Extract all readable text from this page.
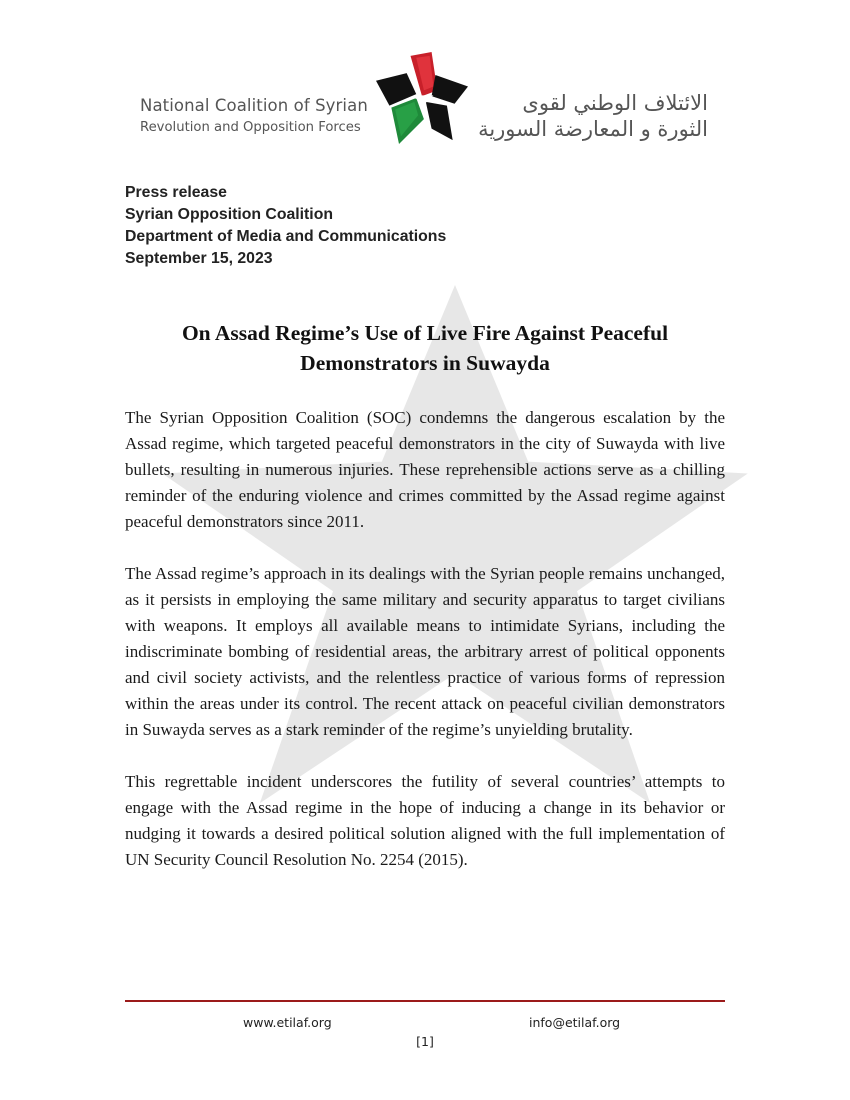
National Coalition of Syrian
Revolution and Opposition Forces
الائتلاف الوطني لقوى
الثورة و المعارضة السورية
Press release
Syrian Opposition Coalition
Department of Media and Communications
September 15, 2023
On Assad Regime’s Use of Live Fire Against Peaceful
Demonstrators in Suwayda

The Syrian Opposition Coalition (SOC) condemns the dangerous escalation by the Assad regime, which targeted peaceful demonstrators in the city of Suwayda with live bullets, resulting in numerous injuries. These reprehensible actions serve as a chilling reminder of the enduring violence and crimes committed by the Assad regime against peaceful demonstrators since 2011.

The Assad regime’s approach in its dealings with the Syrian people remains unchanged, as it persists in employing the same military and security apparatus to target civilians with weapons. It employs all available means to intimidate Syrians, including the indiscriminate bombing of residential areas, the arbitrary arrest of political opponents and civil society activists, and the relentless practice of various forms of repression within the areas under its control. The recent attack on peaceful civilian demonstrators in Suwayda serves as a stark reminder of the regime’s unyielding brutality.

This regrettable incident underscores the futility of several countries’ attempts to engage with the Assad regime in the hope of inducing a change in its behavior or nudging it towards a desired political solution aligned with the full implementation of UN Security Council Resolution No. 2254 (2015).

www.etilaf.org	info@etilaf.org
[1]
